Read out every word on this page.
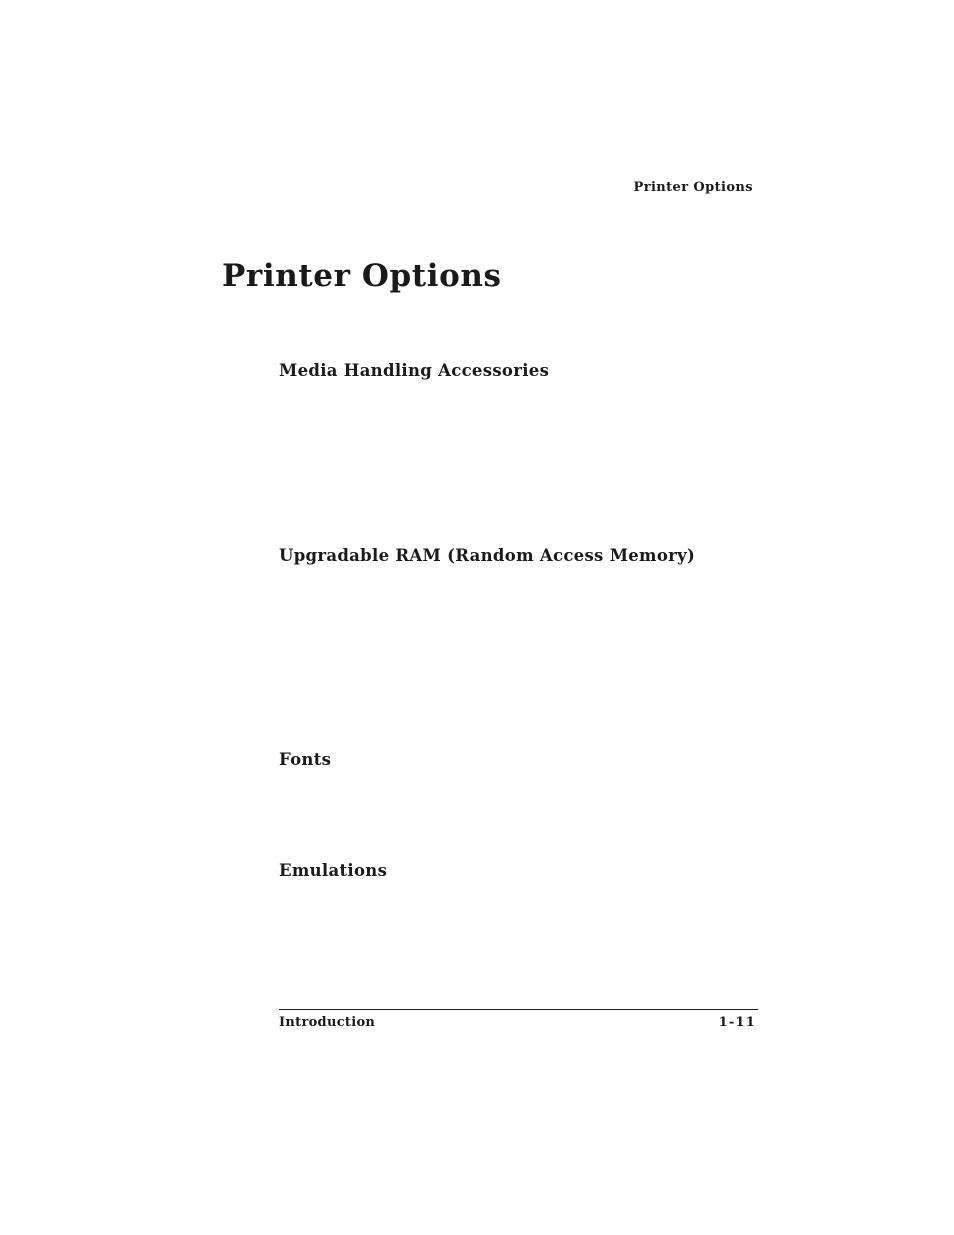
Printer Options
Printer Options
Media Handling Accessories
Upgradable RAM (Random Access Memory)
Fonts
Emulations
Introduction	1-11
